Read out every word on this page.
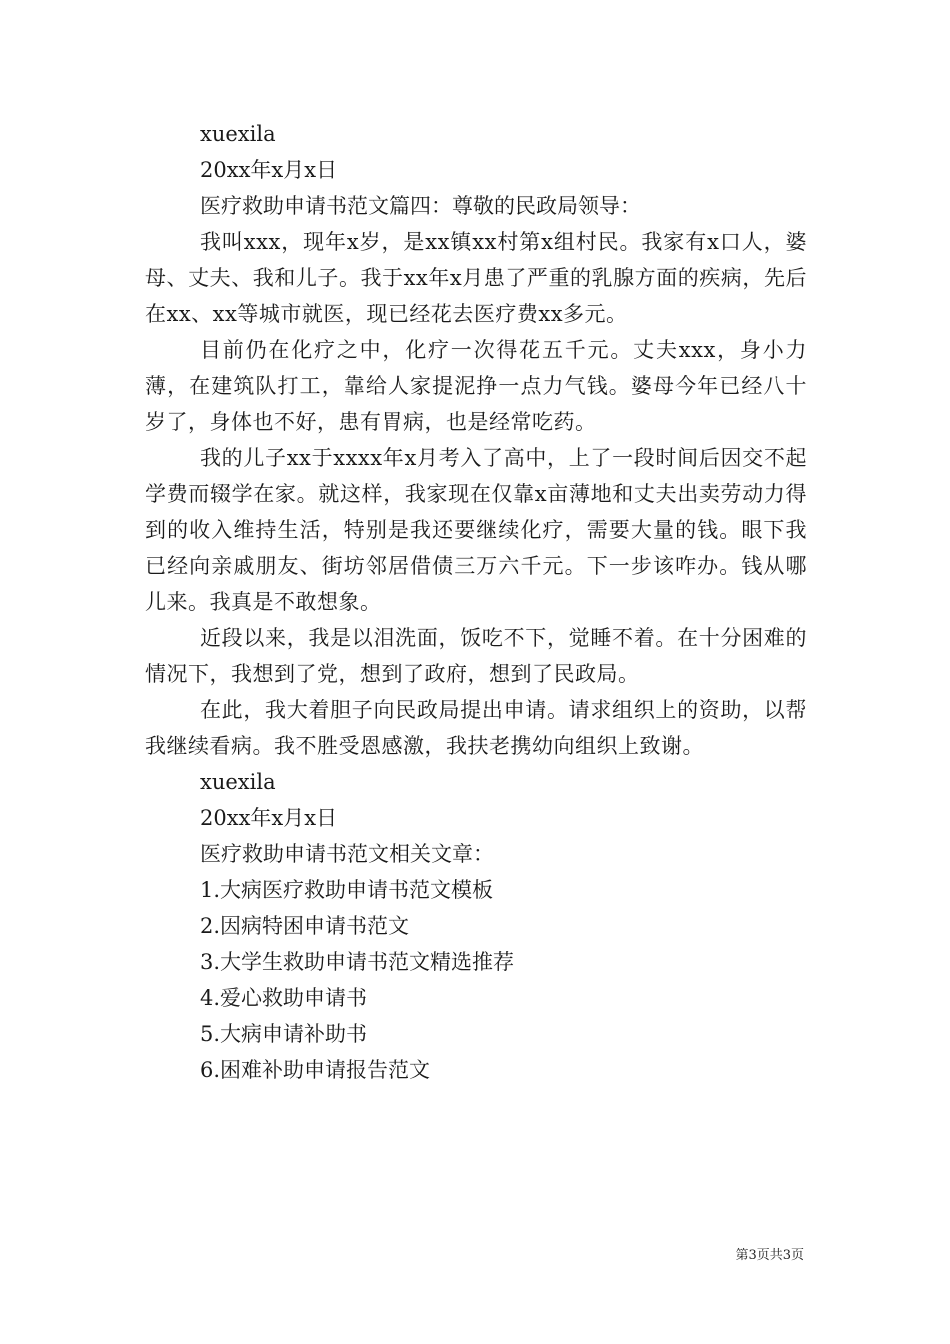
xuexila

20xx年x月x日

医疗救助申请书范文篇四：尊敬的民政局领导：

我叫xxx，现年x岁，是xx镇xx村第x组村民。我家有x口人，婆母、丈夫、我和儿子。我于xx年x月患了严重的乳腺方面的疾病，先后在xx、xx等城市就医，现已经花去医疗费xx多元。

目前仍在化疗之中，化疗一次得花五千元。丈夫xxx，身小力薄，在建筑队打工，靠给人家提泥挣一点力气钱。婆母今年已经八十岁了，身体也不好，患有胃病，也是经常吃药。

我的儿子xx于xxxx年x月考入了高中，上了一段时间后因交不起学费而辍学在家。就这样，我家现在仅靠x亩薄地和丈夫出卖劳动力得到的收入维持生活，特别是我还要继续化疗，需要大量的钱。眼下我已经向亲戚朋友、街坊邻居借债三万六千元。下一步该咋办。钱从哪儿来。我真是不敢想象。

近段以来，我是以泪洗面，饭吃不下，觉睡不着。在十分困难的情况下，我想到了党，想到了政府，想到了民政局。

在此，我大着胆子向民政局提出申请。请求组织上的资助，以帮我继续看病。我不胜受恩感激，我扶老携幼向组织上致谢。

xuexila

20xx年x月x日

医疗救助申请书范文相关文章：

1.大病医疗救助申请书范文模板
2.因病特困申请书范文
3.大学生救助申请书范文精选推荐
4.爱心救助申请书
5.大病申请补助书
6.困难补助申请报告范文
第3页共3页
